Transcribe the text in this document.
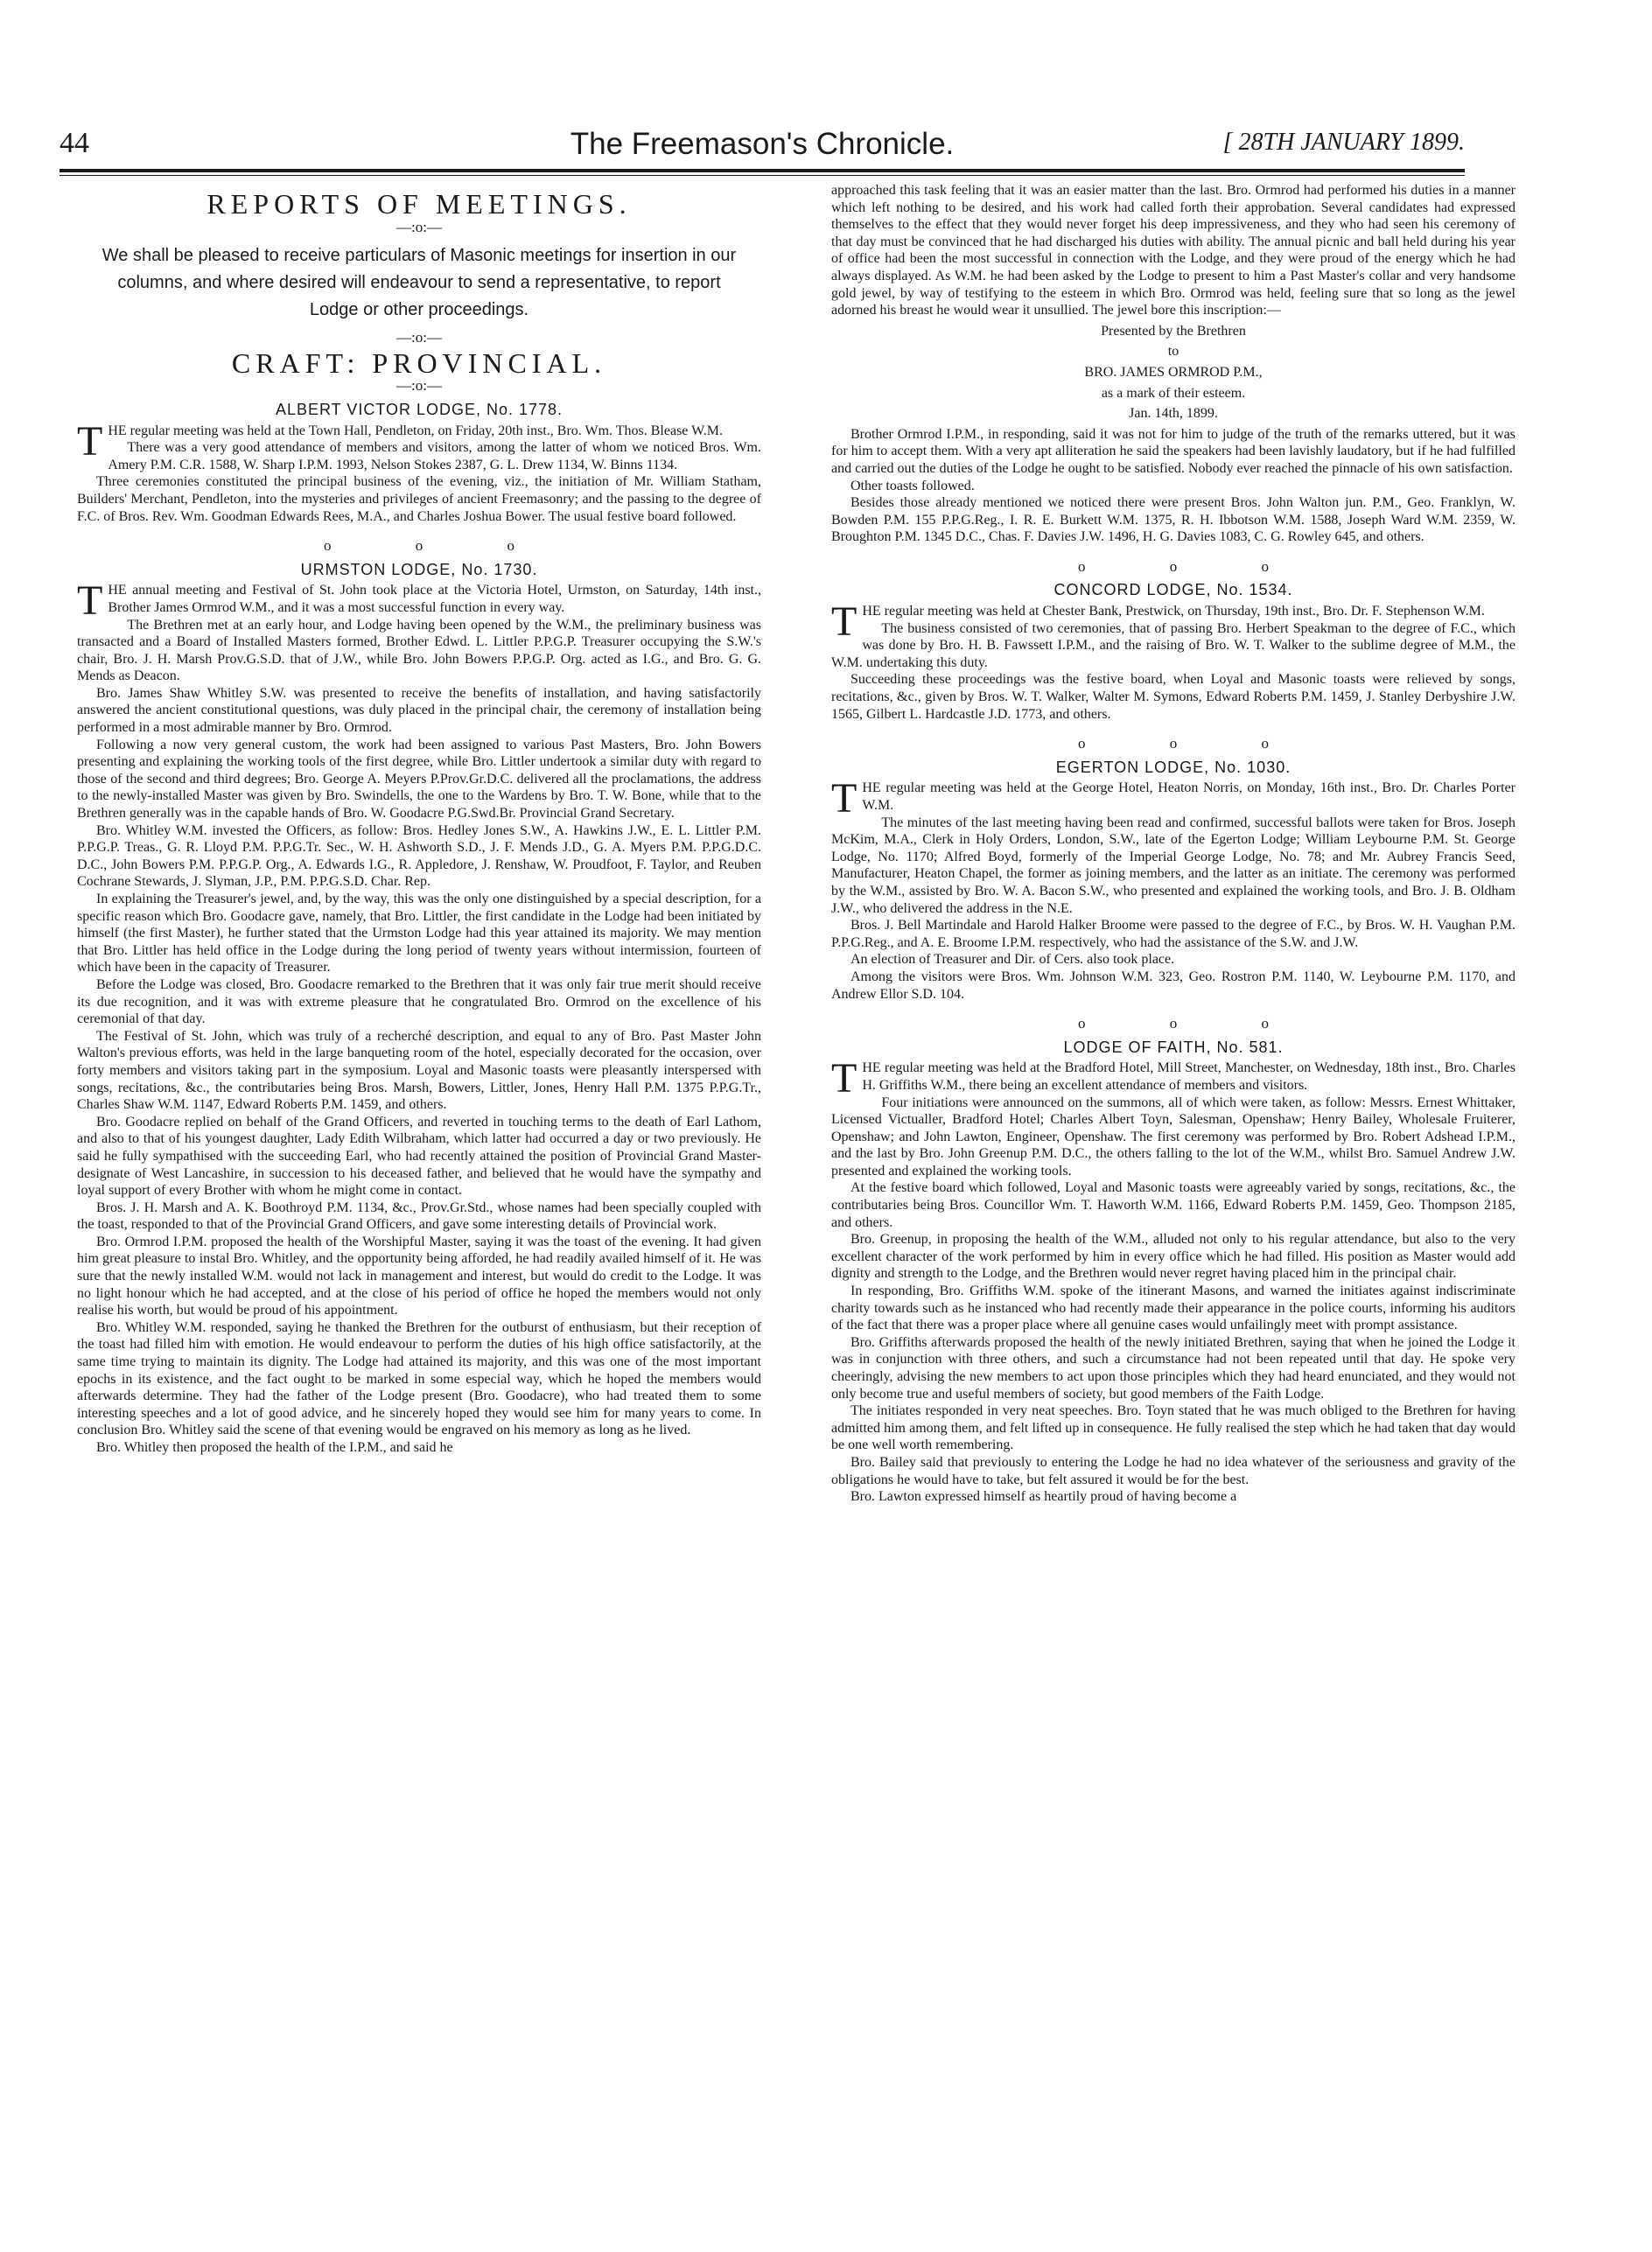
44	The Freemason's Chronicle.	[ 28TH JANUARY 1899.
REPORTS OF MEETINGS.
—:o:—
We shall be pleased to receive particulars of Masonic meetings for insertion in our columns, and where desired will endeavour to send a representative, to report Lodge or other proceedings.
—:o:—
CRAFT: PROVINCIAL.
—:o:—
ALBERT VICTOR LODGE, No. 1778.

THE regular meeting was held at the Town Hall, Pendleton, on Friday, 20th inst., Bro. Wm. Thos. Blease W.M.

There was a very good attendance of members and visitors, among the latter of whom we noticed Bros. Wm. Amery P.M. C.R. 1588, W. Sharp I.P.M. 1993, Nelson Stokes 2387, G. L. Drew 1134, W. Binns 1134.

Three ceremonies constituted the principal business of the evening, viz., the initiation of Mr. William Statham, Builders' Merchant, Pendleton, into the mysteries and privileges of ancient Freemasonry; and the passing to the degree of F.C. of Bros. Rev. Wm. Goodman Edwards Rees, M.A., and Charles Joshua Bower. The usual festive board followed.

o o o
URMSTON LODGE, No. 1730.

THE annual meeting and Festival of St. John took place at the Victoria Hotel, Urmston, on Saturday, 14th inst., Brother James Ormrod W.M., and it was a most successful function in every way.

The Brethren met at an early hour, and Lodge having been opened by the W.M., the preliminary business was transacted and a Board of Installed Masters formed, Brother Edwd. L. Littler P.P.G.P. Treasurer occupying the S.W.'s chair, Bro. J. H. Marsh Prov.G.S.D. that of J.W., while Bro. John Bowers P.P.G.P. Org. acted as I.G., and Bro. G. G. Mends as Deacon.

Bro. James Shaw Whitley S.W. was presented to receive the benefits of installation, and having satisfactorily answered the ancient constitutional questions, was duly placed in the principal chair, the ceremony of installation being performed in a most admirable manner by Bro. Ormrod.

Following a now very general custom, the work had been assigned to various Past Masters, Bro. John Bowers presenting and explaining the working tools of the first degree, while Bro. Littler undertook a similar duty with regard to those of the second and third degrees; Bro. George A. Meyers P.Prov.Gr.D.C. delivered all the proclamations, the address to the newly-installed Master was given by Bro. Swindells, the one to the Wardens by Bro. T. W. Bone, while that to the Brethren generally was in the capable hands of Bro. W. Goodacre P.G.Swd.Br. Provincial Grand Secretary.

Bro. Whitley W.M. invested the Officers, as follow: Bros. Hedley Jones S.W., A. Hawkins J.W., E. L. Littler P.M. P.P.G.P. Treas., G. R. Lloyd P.M. P.P.G.Tr. Sec., W. H. Ashworth S.D., J. F. Mends J.D., G. A. Myers P.M. P.P.G.D.C. D.C., John Bowers P.M. P.P.G.P. Org., A. Edwards I.G., R. Appledore, J. Renshaw, W. Proudfoot, F. Taylor, and Reuben Cochrane Stewards, J. Slyman, J.P., P.M. P.P.G.S.D. Char. Rep.

In explaining the Treasurer's jewel, and, by the way, this was the only one distinguished by a special description, for a specific reason which Bro. Goodacre gave, namely, that Bro. Littler, the first candidate in the Lodge had been initiated by himself (the first Master), he further stated that the Urmston Lodge had this year attained its majority. We may mention that Bro. Littler has held office in the Lodge during the long period of twenty years without intermission, fourteen of which have been in the capacity of Treasurer.

Before the Lodge was closed, Bro. Goodacre remarked to the Brethren that it was only fair true merit should receive its due recognition, and it was with extreme pleasure that he congratulated Bro. Ormrod on the excellence of his ceremonial of that day.

The Festival of St. John, which was truly of a recherché description, and equal to any of Bro. Past Master John Walton's previous efforts, was held in the large banqueting room of the hotel, especially decorated for the occasion, over forty members and visitors taking part in the symposium. Loyal and Masonic toasts were pleasantly interspersed with songs, recitations, &c., the contributaries being Bros. Marsh, Bowers, Littler, Jones, Henry Hall P.M. 1375 P.P.G.Tr., Charles Shaw W.M. 1147, Edward Roberts P.M. 1459, and others.

Bro. Goodacre replied on behalf of the Grand Officers, and reverted in touching terms to the death of Earl Lathom, and also to that of his youngest daughter, Lady Edith Wilbraham, which latter had occurred a day or two previously. He said he fully sympathised with the succeeding Earl, who had recently attained the position of Provincial Grand Master-designate of West Lancashire, in succession to his deceased father, and believed that he would have the sympathy and loyal support of every Brother with whom he might come in contact.

Bros. J. H. Marsh and A. K. Boothroyd P.M. 1134, &c., Prov.Gr.Std., whose names had been specially coupled with the toast, responded to that of the Provincial Grand Officers, and gave some interesting details of Provincial work.

Bro. Ormrod I.P.M. proposed the health of the Worshipful Master, saying it was the toast of the evening. It had given him great pleasure to instal Bro. Whitley, and the opportunity being afforded, he had readily availed himself of it. He was sure that the newly installed W.M. would not lack in management and interest, but would do credit to the Lodge. It was no light honour which he had accepted, and at the close of his period of office he hoped the members would not only realise his worth, but would be proud of his appointment.

Bro. Whitley W.M. responded, saying he thanked the Brethren for the outburst of enthusiasm, but their reception of the toast had filled him with emotion. He would endeavour to perform the duties of his high office satisfactorily, at the same time trying to maintain its dignity. The Lodge had attained its majority, and this was one of the most important epochs in its existence, and the fact ought to be marked in some especial way, which he hoped the members would afterwards determine. They had the father of the Lodge present (Bro. Goodacre), who had treated them to some interesting speeches and a lot of good advice, and he sincerely hoped they would see him for many years to come. In conclusion Bro. Whitley said the scene of that evening would be engraved on his memory as long as he lived.

Bro. Whitley then proposed the health of the I.P.M., and said he

approached this task feeling that it was an easier matter than the last. Bro. Ormrod had performed his duties in a manner which left nothing to be desired, and his work had called forth their approbation. Several candidates had expressed themselves to the effect that they would never forget his deep impressiveness, and they who had seen his ceremony of that day must be convinced that he had discharged his duties with ability. The annual picnic and ball held during his year of office had been the most successful in connection with the Lodge, and they were proud of the energy which he had always displayed. As W.M. he had been asked by the Lodge to present to him a Past Master's collar and very handsome gold jewel, by way of testifying to the esteem in which Bro. Ormrod was held, feeling sure that so long as the jewel adorned his breast he would wear it unsullied. The jewel bore this inscription:—

Presented by the Brethren
to
BRO. JAMES ORMROD P.M.,
as a mark of their esteem.
Jan. 14th, 1899.

Brother Ormrod I.P.M., in responding, said it was not for him to judge of the truth of the remarks uttered, but it was for him to accept them. With a very apt alliteration he said the speakers had been lavishly laudatory, but if he had fulfilled and carried out the duties of the Lodge he ought to be satisfied. Nobody ever reached the pinnacle of his own satisfaction.

Other toasts followed.

Besides those already mentioned we noticed there were present Bros. John Walton jun. P.M., Geo. Franklyn, W. Bowden P.M. 155 P.P.G.Reg., I. R. E. Burkett W.M. 1375, R. H. Ibbotson W.M. 1588, Joseph Ward W.M. 2359, W. Broughton P.M. 1345 D.C., Chas. F. Davies J.W. 1496, H. G. Davies 1083, C. G. Rowley 645, and others.

o o o
CONCORD LODGE, No. 1534.

THE regular meeting was held at Chester Bank, Prestwick, on Thursday, 19th inst., Bro. Dr. F. Stephenson W.M.

The business consisted of two ceremonies, that of passing Bro. Herbert Speakman to the degree of F.C., which was done by Bro. H. B. Fawssett I.P.M., and the raising of Bro. W. T. Walker to the sublime degree of M.M., the W.M. undertaking this duty.

Succeeding these proceedings was the festive board, when Loyal and Masonic toasts were relieved by songs, recitations, &c., given by Bros. W. T. Walker, Walter M. Symons, Edward Roberts P.M. 1459, J. Stanley Derbyshire J.W. 1565, Gilbert L. Hardcastle J.D. 1773, and others.

o o o
EGERTON LODGE, No. 1030.

THE regular meeting was held at the George Hotel, Heaton Norris, on Monday, 16th inst., Bro. Dr. Charles Porter W.M.

The minutes of the last meeting having been read and confirmed, successful ballots were taken for Bros. Joseph McKim, M.A., Clerk in Holy Orders, London, S.W., late of the Egerton Lodge; William Leybourne P.M. St. George Lodge, No. 1170; Alfred Boyd, formerly of the Imperial George Lodge, No. 78; and Mr. Aubrey Francis Seed, Manufacturer, Heaton Chapel, the former as joining members, and the latter as an initiate. The ceremony was performed by the W.M., assisted by Bro. W. A. Bacon S.W., who presented and explained the working tools, and Bro. J. B. Oldham J.W., who delivered the address in the N.E.

Bros. J. Bell Martindale and Harold Halker Broome were passed to the degree of F.C., by Bros. W. H. Vaughan P.M. P.P.G.Reg., and A. E. Broome I.P.M. respectively, who had the assistance of the S.W. and J.W.

An election of Treasurer and Dir. of Cers. also took place.

Among the visitors were Bros. Wm. Johnson W.M. 323, Geo. Rostron P.M. 1140, W. Leybourne P.M. 1170, and Andrew Ellor S.D. 104.

o o o
LODGE OF FAITH, No. 581.

THE regular meeting was held at the Bradford Hotel, Mill Street, Manchester, on Wednesday, 18th inst., Bro. Charles H. Griffiths W.M., there being an excellent attendance of members and visitors.

Four initiations were announced on the summons, all of which were taken, as follow: Messrs. Ernest Whittaker, Licensed Victualler, Bradford Hotel; Charles Albert Toyn, Salesman, Openshaw; Henry Bailey, Wholesale Fruiterer, Openshaw; and John Lawton, Engineer, Openshaw. The first ceremony was performed by Bro. Robert Adshead I.P.M., and the last by Bro. John Greenup P.M. D.C., the others falling to the lot of the W.M., whilst Bro. Samuel Andrew J.W. presented and explained the working tools.

At the festive board which followed, Loyal and Masonic toasts were agreeably varied by songs, recitations, &c., the contributaries being Bros. Councillor Wm. T. Haworth W.M. 1166, Edward Roberts P.M. 1459, Geo. Thompson 2185, and others.

Bro. Greenup, in proposing the health of the W.M., alluded not only to his regular attendance, but also to the very excellent character of the work performed by him in every office which he had filled. His position as Master would add dignity and strength to the Lodge, and the Brethren would never regret having placed him in the principal chair.

In responding, Bro. Griffiths W.M. spoke of the itinerant Masons, and warned the initiates against indiscriminate charity towards such as he instanced who had recently made their appearance in the police courts, informing his auditors of the fact that there was a proper place where all genuine cases would unfailingly meet with prompt assistance.

Bro. Griffiths afterwards proposed the health of the newly initiated Brethren, saying that when he joined the Lodge it was in conjunction with three others, and such a circumstance had not been repeated until that day. He spoke very cheeringly, advising the new members to act upon those principles which they had heard enunciated, and they would not only become true and useful members of society, but good members of the Faith Lodge.

The initiates responded in very neat speeches. Bro. Toyn stated that he was much obliged to the Brethren for having admitted him among them, and felt lifted up in consequence. He fully realised the step which he had taken that day would be one well worth remembering.

Bro. Bailey said that previously to entering the Lodge he had no idea whatever of the seriousness and gravity of the obligations he would have to take, but felt assured it would be for the best.

Bro. Lawton expressed himself as heartily proud of having become a
